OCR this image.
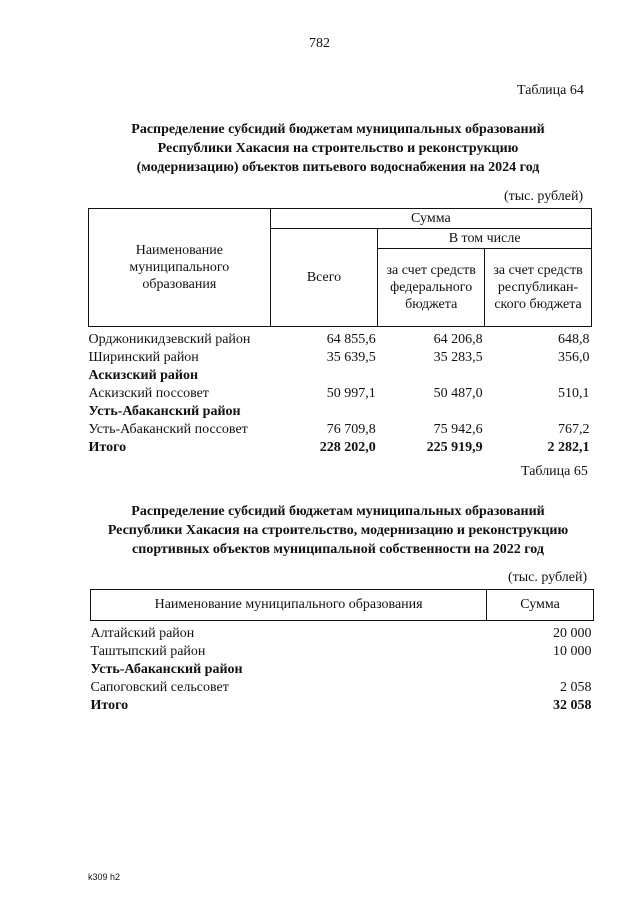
782
Таблица 64
Распределение субсидий бюджетам муниципальных образований
Республики Хакасия на строительство и реконструкцию
(модернизацию) объектов питьевого водоснабжения на 2024 год
(тыс. рублей)
Наименование муниципального образования	Сумма		
	Всего	В том числе	
		за счет средств федерального бюджета	за счет средств республикан-ского бюджета

Орджоникидзевский район	64 855,6	64 206,8	648,8
Ширинский район	35 639,5	35 283,5	356,0
Аскизский район			
Аскизский поссовет	50 997,1	50 487,0	510,1
Усть-Абаканский район			
Усть-Абаканский поссовет	76 709,8	75 942,6	767,2
Итого	228 202,0	225 919,9	2 282,1
Таблица 65
Распределение субсидий бюджетам муниципальных образований
Республики Хакасия на строительство, модернизацию и реконструкцию
спортивных объектов муниципальной собственности на 2022 год
(тыс. рублей)
Наименование муниципального образования	Сумма

Алтайский район	20 000
Таштыпский район	10 000
Усть-Абаканский район	
Сапоговский сельсовет	2 058
Итого	32 058
k309 h2
